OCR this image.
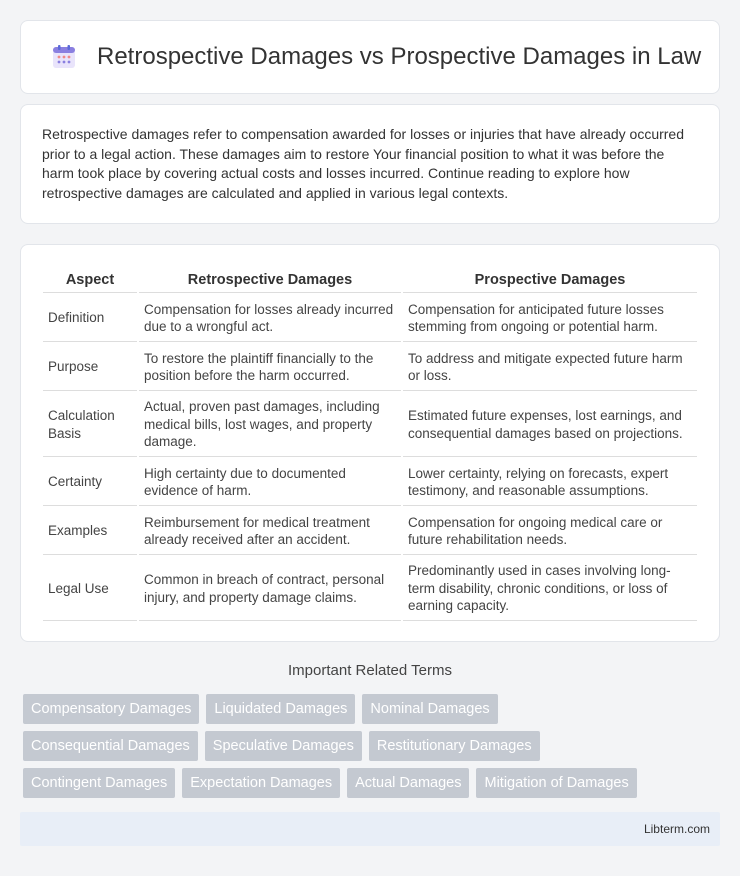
Retrospective Damages vs Prospective Damages in Law

Retrospective damages refer to compensation awarded for losses or injuries that have already occurred prior to a legal action. These damages aim to restore Your financial position to what it was before the harm took place by covering actual costs and losses incurred. Continue reading to explore how retrospective damages are calculated and applied in various legal contexts.

Aspect	Retrospective Damages	Prospective Damages
Definition	Compensation for losses already incurred due to a wrongful act.	Compensation for anticipated future losses stemming from ongoing or potential harm.
Purpose	To restore the plaintiff financially to the position before the harm occurred.	To address and mitigate expected future harm or loss.
Calculation Basis	Actual, proven past damages, including medical bills, lost wages, and property damage.	Estimated future expenses, lost earnings, and consequential damages based on projections.
Certainty	High certainty due to documented evidence of harm.	Lower certainty, relying on forecasts, expert testimony, and reasonable assumptions.
Examples	Reimbursement for medical treatment already received after an accident.	Compensation for ongoing medical care or future rehabilitation needs.
Legal Use	Common in breach of contract, personal injury, and property damage claims.	Predominantly used in cases involving long-term disability, chronic conditions, or loss of earning capacity.
Important Related Terms
Compensatory Damages	Liquidated Damages	Nominal Damages
Consequential Damages	Speculative Damages	Restitutionary Damages
Contingent Damages	Expectation Damages	Actual Damages	Mitigation of Damages
Libterm.com
